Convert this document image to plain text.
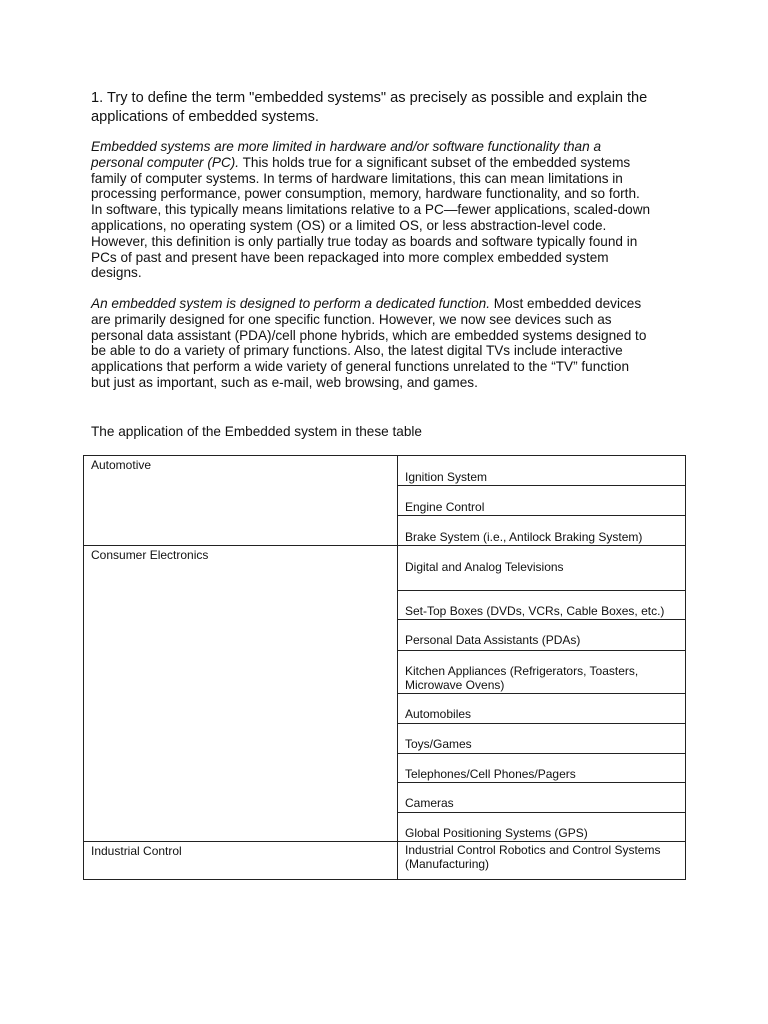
1. Try to define the term "embedded systems" as precisely as possible and explain the applications of embedded systems.
Embedded systems are more limited in hardware and/or software functionality than a personal computer (PC). This holds true for a significant subset of the embedded systems family of computer systems. In terms of hardware limitations, this can mean limitations in processing performance, power consumption, memory, hardware functionality, and so forth. In software, this typically means limitations relative to a PC—fewer applications, scaled-down applications, no operating system (OS) or a limited OS, or less abstraction-level code. However, this definition is only partially true today as boards and software typically found in PCs of past and present have been repackaged into more complex embedded system designs.
An embedded system is designed to perform a dedicated function. Most embedded devices are primarily designed for one specific function. However, we now see devices such as personal data assistant (PDA)/cell phone hybrids, which are embedded systems designed to be able to do a variety of primary functions. Also, the latest digital TVs include interactive applications that perform a wide variety of general functions unrelated to the “TV” function but just as important, such as e-mail, web browsing, and games.
The application of the Embedded system in these table
Automotive	Ignition System

	Engine Control

	Brake System (i.e., Antilock Braking System)

Consumer Electronics	Digital and Analog Televisions

	Set-Top Boxes (DVDs, VCRs, Cable Boxes, etc.)

	Personal Data Assistants (PDAs)

	Kitchen Appliances (Refrigerators, Toasters, Microwave Ovens)

	Automobiles

	Toys/Games

	Telephones/Cell Phones/Pagers

	Cameras

	Global Positioning Systems (GPS)

Industrial Control	Industrial Control Robotics and Control Systems (Manufacturing)
